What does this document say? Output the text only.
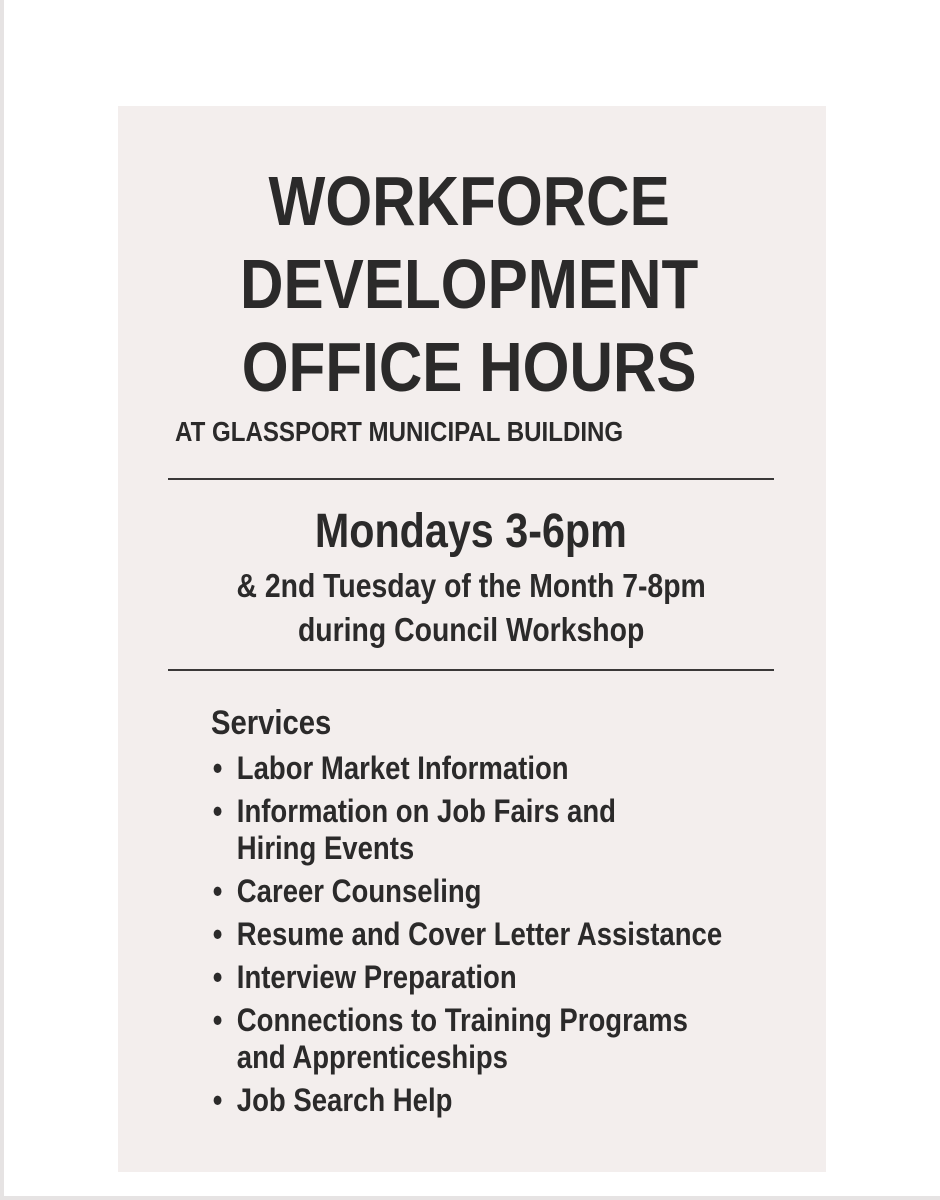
WORKFORCE
DEVELOPMENT
OFFICE HOURS

AT GLASSPORT MUNICIPAL BUILDING

Mondays 3-6pm
& 2nd Tuesday of the Month 7-8pm
during Council Workshop
Services
• Labor Market Information
• Information on Job Fairs and
Hiring Events
• Career Counseling
• Resume and Cover Letter Assistance
• Interview Preparation
• Connections to Training Programs
and Apprenticeships
• Job Search Help
